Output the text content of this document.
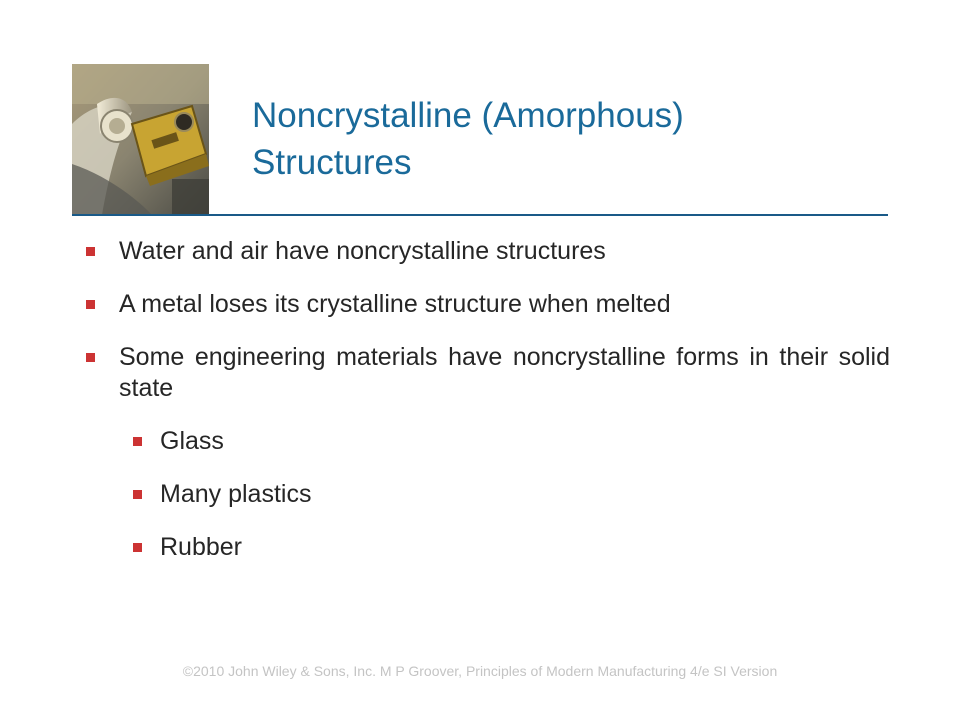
Noncrystalline (Amorphous)
Structures
Water and air have noncrystalline structures
A metal loses its crystalline structure when melted
Some engineering materials have noncrystalline forms in their solid state
Glass
Many plastics
Rubber
©2010 John Wiley & Sons, Inc. M P Groover, Principles of Modern Manufacturing 4/e SI Version
